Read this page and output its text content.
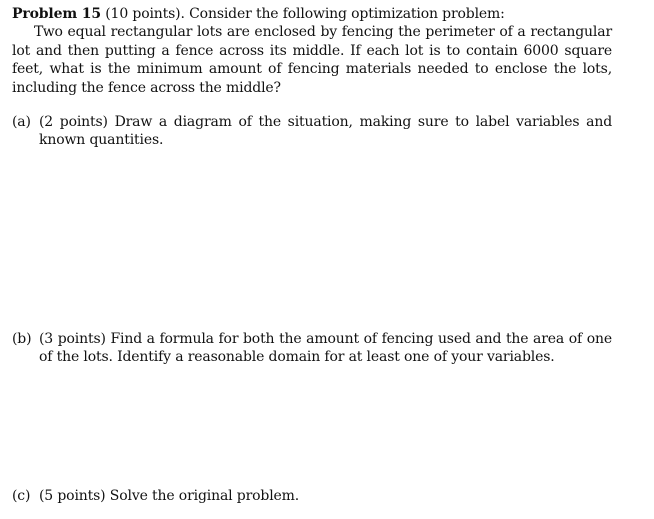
Problem 15 (10 points). Consider the following optimization problem:
Two equal rectangular lots are enclosed by fencing the perimeter of a rectangular lot and then putting a fence across its middle. If each lot is to contain 6000 square feet, what is the minimum amount of fencing materials needed to enclose the lots, including the fence across the middle?
(a) (2 points) Draw a diagram of the situation, making sure to label variables and known quantities.
(b) (3 points) Find a formula for both the amount of fencing used and the area of one of the lots. Identify a reasonable domain for at least one of your variables.
(c) (5 points) Solve the original problem.
